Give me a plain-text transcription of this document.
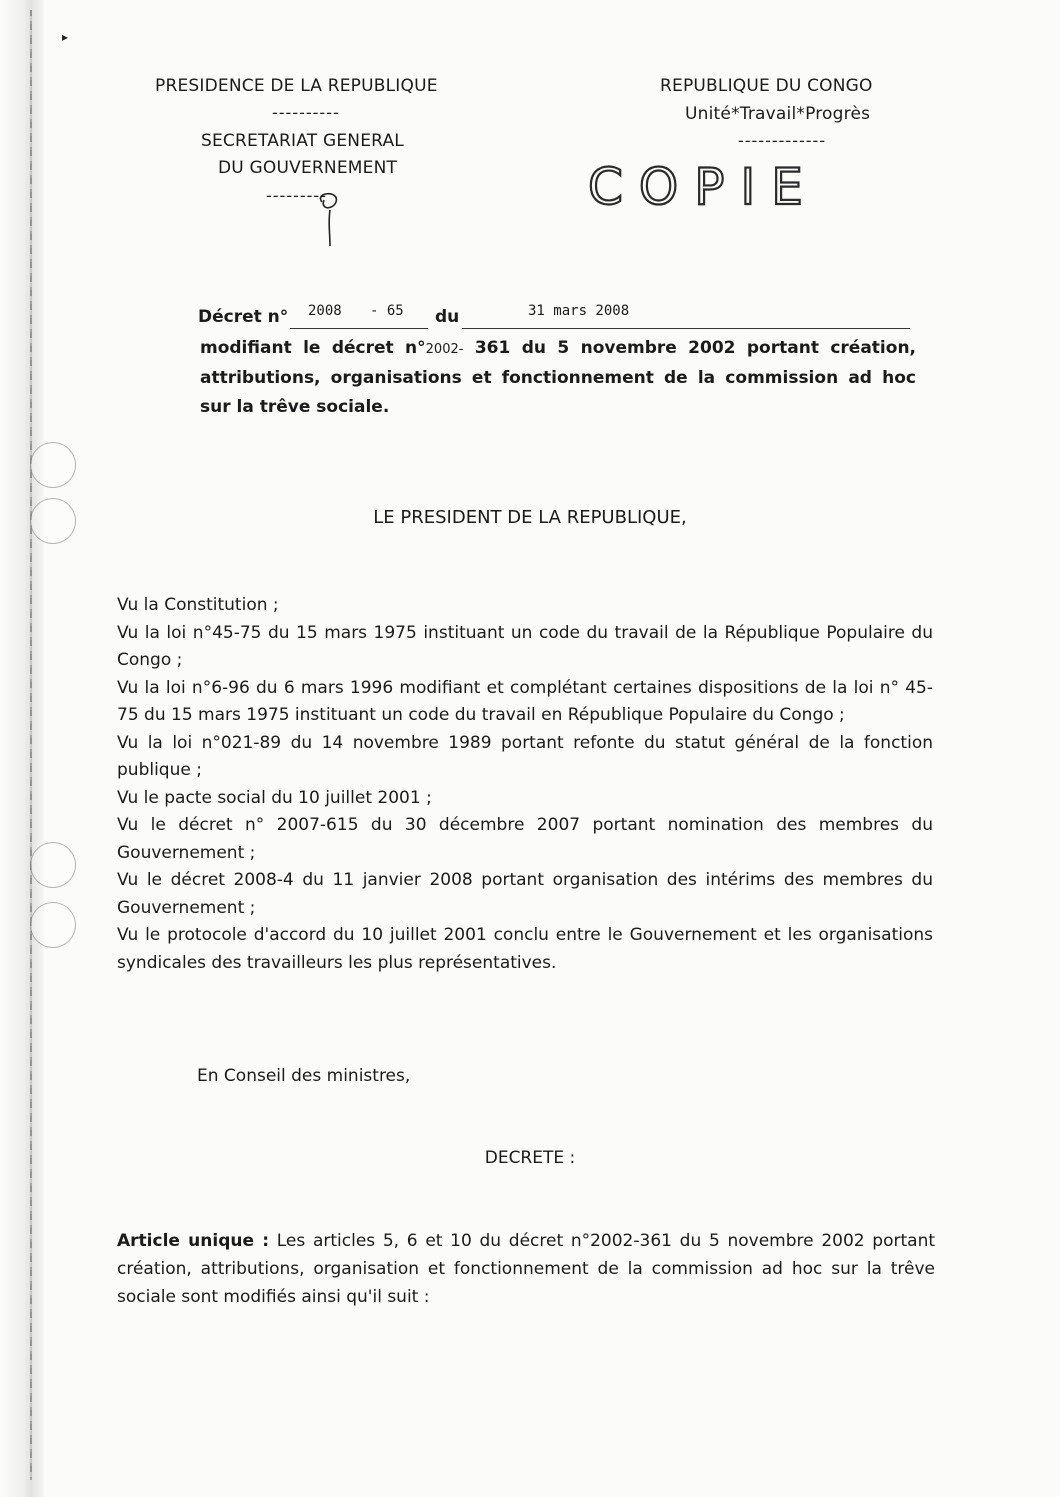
▸
PRESIDENCE DE LA REPUBLIQUE
----------
SECRETARIAT GENERAL
DU GOUVERNEMENT
---------
REPUBLIQUE DU CONGO
Unité*Travail*Progrès
-------------
C O P I E
Décret n° 2008 - 65 du	31 mars 2008
modifiant le décret n°2002- 361 du 5 novembre 2002 portant création, attributions, organisations et fonctionnement de la commission ad hoc sur la trêve sociale.
LE PRESIDENT DE LA REPUBLIQUE,

Vu la Constitution ;

Vu la loi n°45-75 du 15 mars 1975 instituant un code du travail de la République Populaire du Congo ;

Vu la loi n°6-96 du 6 mars 1996 modifiant et complétant certaines dispositions de la loi n° 45-75 du 15 mars 1975 instituant un code du travail en République Populaire du Congo ;

Vu la loi n°021-89 du 14 novembre 1989 portant refonte du statut général de la fonction publique ;

Vu le pacte social du 10 juillet 2001 ;

Vu le décret n° 2007-615 du 30 décembre 2007 portant nomination des membres du Gouvernement ;

Vu le décret 2008-4 du 11 janvier 2008 portant organisation des intérims des membres du Gouvernement ;

Vu le protocole d'accord du 10 juillet 2001 conclu entre le Gouvernement et les organisations syndicales des travailleurs les plus représentatives.

En Conseil des ministres,
DECRETE :
Article unique : Les articles 5, 6 et 10 du décret n°2002-361 du 5 novembre 2002 portant création, attributions, organisation et fonctionnement de la commission ad hoc sur la trêve sociale sont modifiés ainsi qu'il suit :
